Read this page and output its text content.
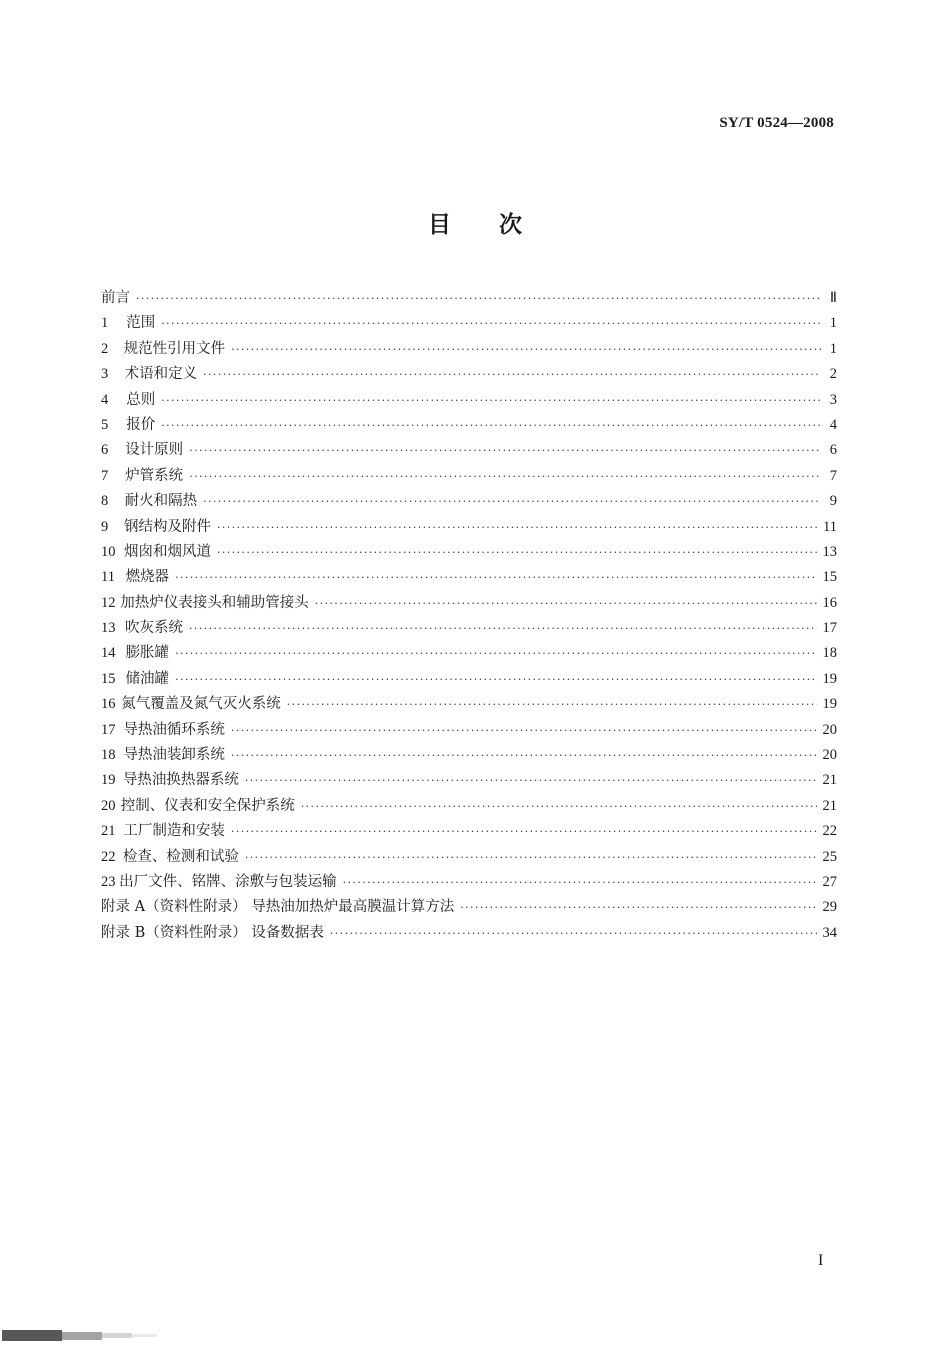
SY/T 0524—2008
目次
前言 ·····	Ⅱ
1	范围 ·····	1
2	规范性引用文件 ·····	1
3	术语和定义 ·····	2
4	总则 ·····	3
5	报价 ·····	4
6	设计原则 ·····	6
7	炉管系统 ·····	7
8	耐火和隔热 ·····	9
9	钢结构及附件 ·····	11
10 烟囱和烟风道 ·····	13
11 燃烧器 ·····	15
12 加热炉仪表接头和辅助管接头 ·····	16
13 吹灰系统 ·····	17
14 膨胀罐 ·····	18
15 储油罐 ·····	19
16 氮气覆盖及氮气灭火系统 ·····	19
17 导热油循环系统 ·····	20
18 导热油装卸系统 ·····	20
19 导热油换热器系统 ·····	21
20 控制、仪表和安全保护系统 ·····	21
21 工厂制造和安装 ·····	22
22 检查、检测和试验 ·····	25
23 出厂文件、铭牌、涂敷与包装运输 ·····	27
附录 A（资料性附录） 导热油加热炉最高膜温计算方法 ·····	29
附录 B（资料性附录） 设备数据表 ·····	34
I
